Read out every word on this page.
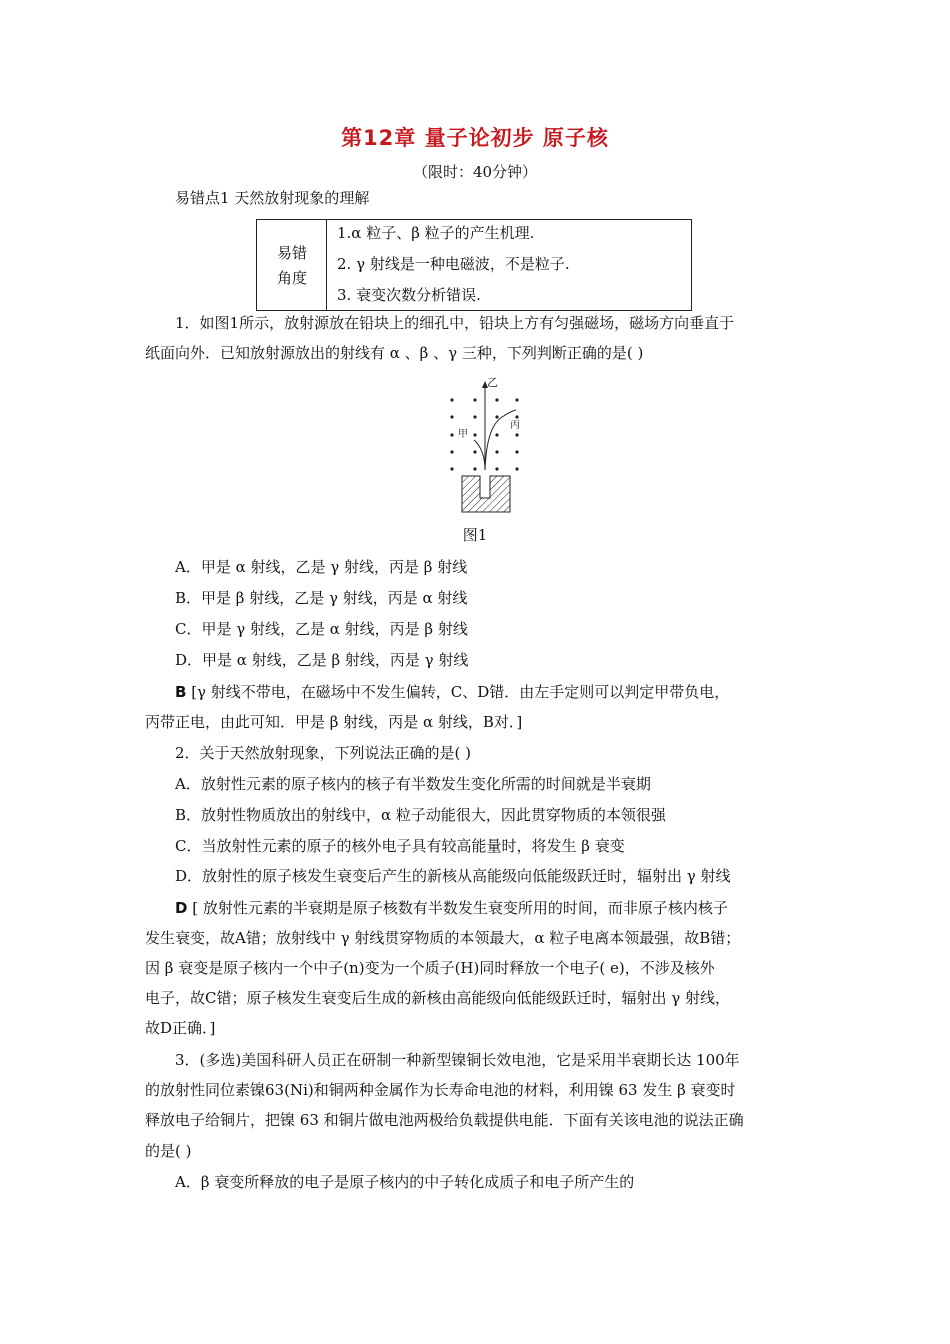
第12章 量子论初步 原子核
（限时：40分钟）
易错点1 天然放射现象的理解
易错
角度
1.α 粒子、β 粒子的产生机理.
2. γ 射线是一种电磁波，不是粒子.
3. 衰变次数分析错误.
1．如图1所示，放射源放在铅块上的细孔中，铅块上方有匀强磁场，磁场方向垂直于
纸面向外．已知放射源放出的射线有 α 、β 、γ 三种，下列判断正确的是( )
乙
甲
丙
图1
A．甲是 α 射线，乙是 γ 射线，丙是 β 射线
B．甲是 β 射线，乙是 γ 射线，丙是 α 射线
C．甲是 γ 射线，乙是 α 射线，丙是 β 射线
D．甲是 α 射线，乙是 β 射线，丙是 γ 射线
B [γ 射线不带电，在磁场中不发生偏转，C、D错．由左手定则可以判定甲带负电，
丙带正电，由此可知．甲是 β 射线，丙是 α 射线，B对．]
2．关于天然放射现象，下列说法正确的是( )
A．放射性元素的原子核内的核子有半数发生变化所需的时间就是半衰期
B．放射性物质放出的射线中，α 粒子动能很大，因此贯穿物质的本领很强
C．当放射性元素的原子的核外电子具有较高能量时，将发生 β 衰变
D．放射性的原子核发生衰变后产生的新核从高能级向低能级跃迁时，辐射出 γ 射线
D [ 放射性元素的半衰期是原子核数有半数发生衰变所用的时间，而非原子核内核子
发生衰变，故A错；放射线中 γ 射线贯穿物质的本领最大，α 粒子电离本领最强，故B错；
因 β 衰变是原子核内一个中子(n)变为一个质子(H)同时释放一个电子( e)，不涉及核外
电子，故C错；原子核发生衰变后生成的新核由高能级向低能级跃迁时，辐射出 γ 射线，
故D正确．]
3．(多选)美国科研人员正在研制一种新型镍铜长效电池，它是采用半衰期长达 100年
的放射性同位素镍63(Ni)和铜两种金属作为长寿命电池的材料，利用镍 63 发生 β 衰变时
释放电子给铜片，把镍 63 和铜片做电池两极给负载提供电能．下面有关该电池的说法正确
的是( )
A．β 衰变所释放的电子是原子核内的中子转化成质子和电子所产生的
